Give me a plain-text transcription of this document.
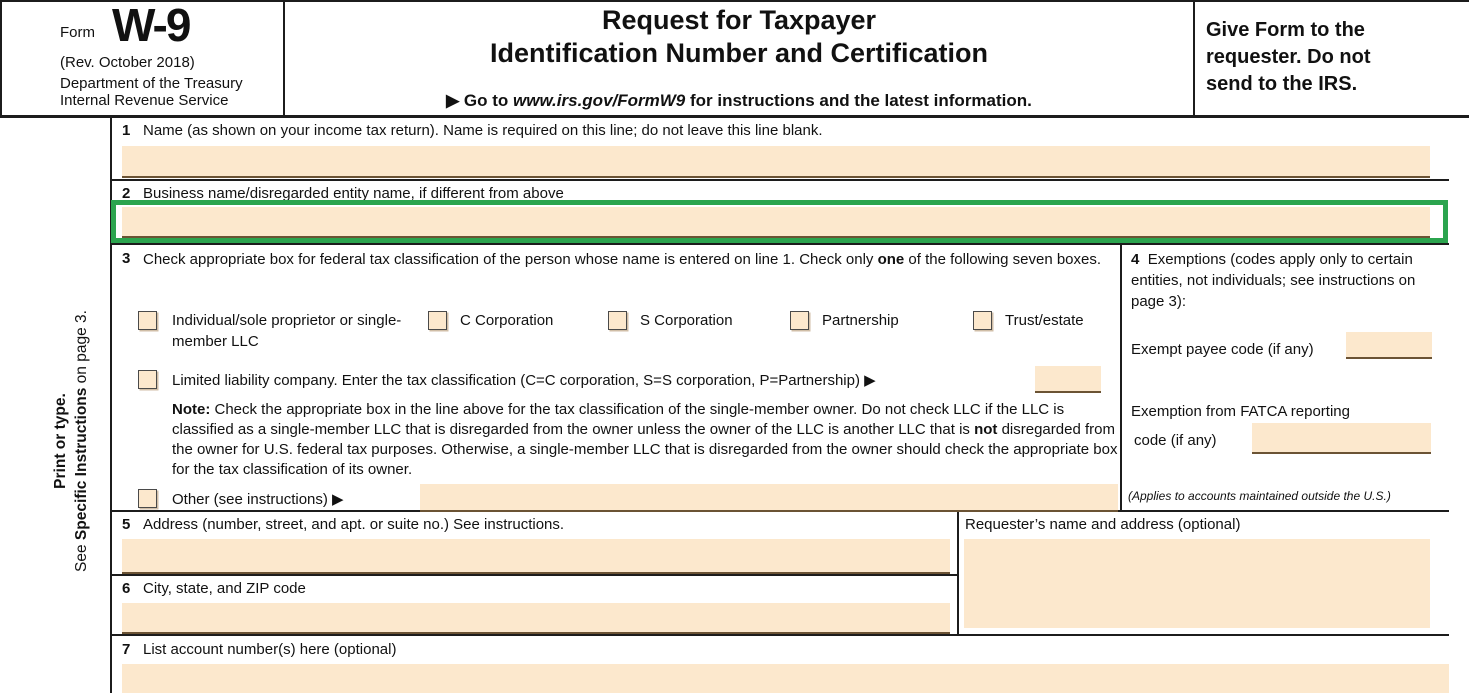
Form W-9
(Rev. October 2018)
Department of the Treasury
Internal Revenue Service
Request for Taxpayer
Identification Number and Certification
▶ Go to www.irs.gov/FormW9 for instructions and the latest information.
Give Form to the requester. Do not send to the IRS.
Print or type.
See Specific Instructions on page 3.
1 Name (as shown on your income tax return). Name is required on this line; do not leave this line blank.
2 Business name/disregarded entity name, if different from above
3 Check appropriate box for federal tax classification of the person whose name is entered on line 1. Check only one of the following seven boxes.
Individual/sole proprietor or single-member LLC
C Corporation	S Corporation	Partnership	Trust/estate
Limited liability company. Enter the tax classification (C=C corporation, S=S corporation, P=Partnership) ▶
Note: Check the appropriate box in the line above for the tax classification of the single-member owner. Do not check LLC if the LLC is classified as a single-member LLC that is disregarded from the owner unless the owner of the LLC is another LLC that is not disregarded from the owner for U.S. federal tax purposes. Otherwise, a single-member LLC that is disregarded from the owner should check the appropriate box for the tax classification of its owner.
Other (see instructions) ▶
4 Exemptions (codes apply only to certain entities, not individuals; see instructions on page 3):
Exempt payee code (if any)
Exemption from FATCA reporting
code (if any)
(Applies to accounts maintained outside the U.S.)
5 Address (number, street, and apt. or suite no.) See instructions.
6 City, state, and ZIP code
Requester’s name and address (optional)
7 List account number(s) here (optional)
